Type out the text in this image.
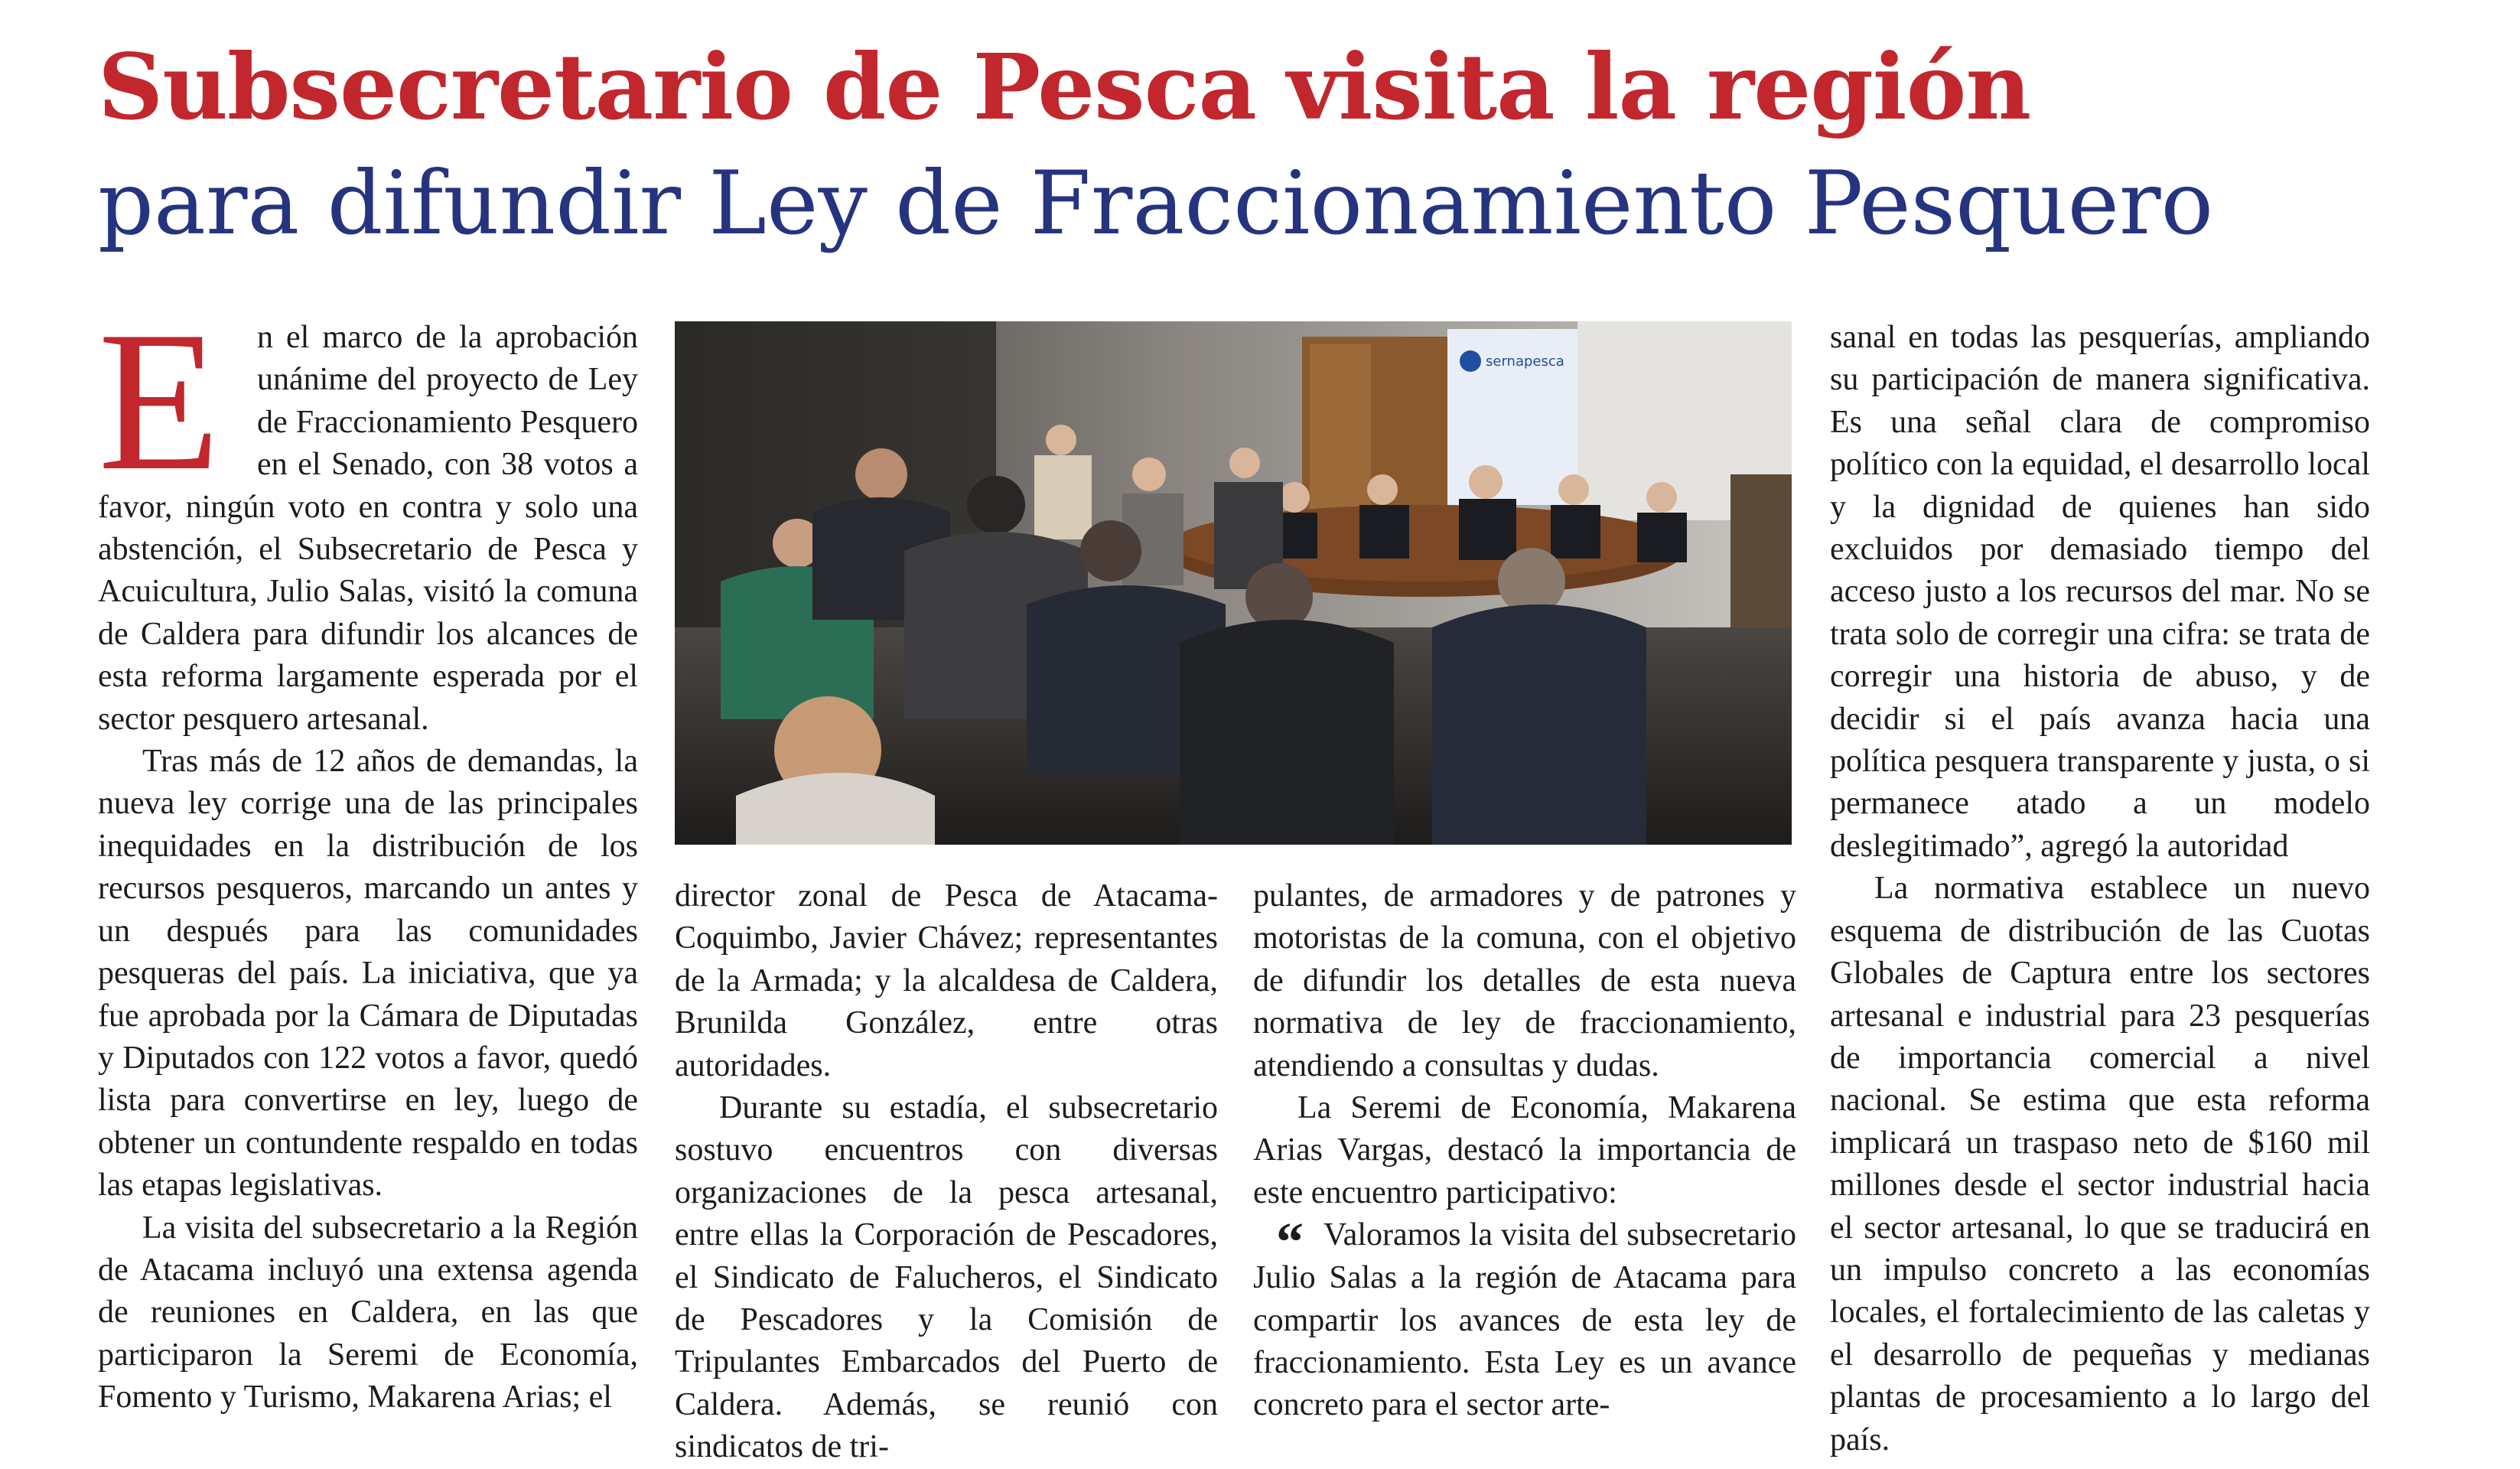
Subsecretario de Pesca visita la región
para difundir Ley de Fraccionamiento Pesquero

E	n el marco de la aprobación unánime del proyecto de Ley de Fraccionamiento Pesquero en el Senado, con 38 votos a favor, ningún voto en contra y solo una abstención, el Subsecretario de Pesca y Acuicultura, Julio Salas, visitó la comuna de Caldera para difundir los alcances de esta reforma largamente esperada por el sector pesquero artesanal.

Tras más de 12 años de demandas, la nueva ley corrige una de las principales inequidades en la distribución de los recursos pesqueros, marcando un antes y un después para las comunidades pesqueras del país. La iniciativa, que ya fue aprobada por la Cámara de Diputadas y Diputados con 122 votos a favor, quedó lista para convertirse en ley, luego de obtener un contundente respaldo en todas las etapas legislativas.

La visita del subsecretario a la Región de Atacama incluyó una extensa agenda de reuniones en Caldera, en las que participaron la Seremi de Economía, Fomento y Turismo, Makarena Arias; el

sernapesca

director zonal de Pesca de Atacama-Coquimbo, Javier Chávez; representantes de la Armada; y la alcaldesa de Caldera, Brunilda González, entre otras autoridades.

Durante su estadía, el subsecretario sostuvo encuentros con diversas organizaciones de la pesca artesanal, entre ellas la Corporación de Pescadores, el Sindicato de Falucheros, el Sindicato de Pescadores y la Comisión de Tripulantes Embarcados del Puerto de Caldera. Además, se reunió con sindicatos de tri-

pulantes, de armadores y de patrones y motoristas de la comuna, con el objetivo de difundir los detalles de esta nueva normativa de ley de fraccionamiento, atendiendo a consultas y dudas.

La Seremi de Economía, Makarena Arias Vargas, destacó la importancia de este encuentro participativo:

“ Valoramos la visita del subsecretario Julio Salas a la región de Atacama para compartir los avances de esta ley de fraccionamiento. Esta Ley es un avance concreto para el sector arte-

sanal en todas las pesquerías, ampliando su participación de manera significativa. Es una señal clara de compromiso político con la equidad, el desarrollo local y la dignidad de quienes han sido excluidos por demasiado tiempo del acceso justo a los recursos del mar. No se trata solo de corregir una cifra: se trata de corregir una historia de abuso, y de decidir si el país avanza hacia una política pesquera transparente y justa, o si permanece atado a un modelo deslegitimado”, agregó la autoridad

La normativa establece un nuevo esquema de distribución de las Cuotas Globales de Captura entre los sectores artesanal e industrial para 23 pesquerías de importancia comercial a nivel nacional. Se estima que esta reforma implicará un traspaso neto de $160 mil millones desde el sector industrial hacia el sector artesanal, lo que se traducirá en un impulso concreto a las economías locales, el fortalecimiento de las caletas y el desarrollo de pequeñas y medianas plantas de procesamiento a lo largo del país.
